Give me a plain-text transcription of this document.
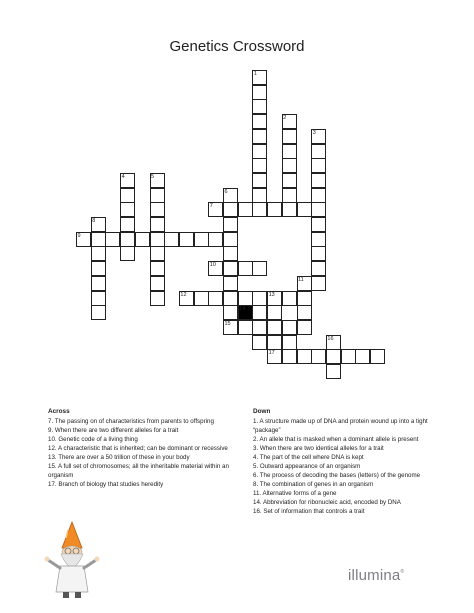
Genetics Crossword
1
2
3
4	5
6
7
8
9
10
11
12	13
14
15
16
17
Across

7. The passing on of characteristics from parents to offspring

9. When there are two different alleles for a trait

10. Genetic code of a living thing

12. A characteristic that is inherited; can be dominant or recessive

13. There are over a 50 trillion of these in your body

15. A full set of chromosomes; all the inheritable material within an organism

17. Branch of biology that studies heredity

Down

1. A structure made up of DNA and protein wound up into a tight “package”

2. An allele that is masked when a dominant allele is present

3. When there are two identical alleles for a trait

4. The part of the cell where DNA is kept

5. Outward appearance of an organism

6. The process of decoding the bases (letters) of the genome

8. The combination of genes in an organism

11. Alternative forms of a gene

14. Abbreviation for ribonucleic acid, encoded by DNA

16. Set of information that controls a trait

illumina®
